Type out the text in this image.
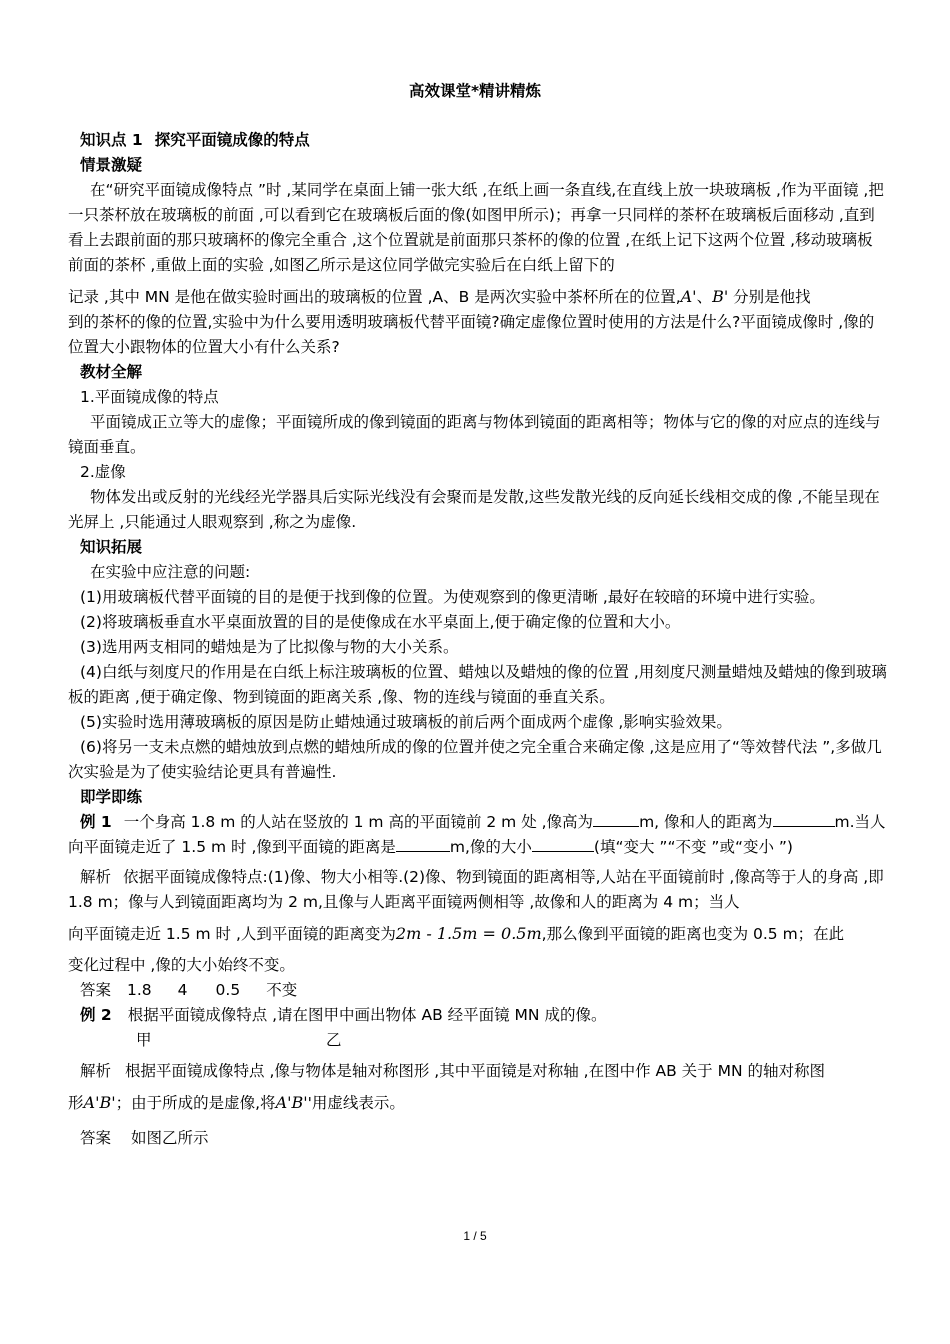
高效课堂*精讲精炼
知识点 1 探究平面镜成像的特点
情景激疑
在“研究平面镜成像特点 ”时 ,某同学在桌面上铺一张大纸 ,在纸上画一条直线,在直线上放一块玻璃板 ,作为平面镜 ,把一只茶杯放在玻璃板的前面 ,可以看到它在玻璃板后面的像(如图甲所示)；再拿一只同样的茶杯在玻璃板后面移动 ,直到看上去跟前面的那只玻璃杯的像完全重合 ,这个位置就是前面那只茶杯的像的位置 ,在纸上记下这两个位置 ,移动玻璃板前面的茶杯 ,重做上面的实验 ,如图乙所示是这位同学做完实验后在白纸上留下的
记录 ,其中 MN 是他在做实验时画出的玻璃板的位置 ,A、B 是两次实验中茶杯所在的位置,A'、B' 分别是他找
到的茶杯的像的位置,实验中为什么要用透明玻璃板代替平面镜?确定虚像位置时使用的方法是什么?平面镜成像时 ,像的位置大小跟物体的位置大小有什么关系?
教材全解
1.平面镜成像的特点
平面镜成正立等大的虚像；平面镜所成的像到镜面的距离与物体到镜面的距离相等；物体与它的像的对应点的连线与镜面垂直。
2.虚像
物体发出或反射的光线经光学器具后实际光线没有会聚而是发散,这些发散光线的反向延长线相交成的像 ,不能呈现在光屏上 ,只能通过人眼观察到 ,称之为虚像.
知识拓展
在实验中应注意的问题:
(1)用玻璃板代替平面镜的目的是便于找到像的位置。为使观察到的像更清晰 ,最好在较暗的环境中进行实验。
(2)将玻璃板垂直水平桌面放置的目的是使像成在水平桌面上,便于确定像的位置和大小。
(3)选用两支相同的蜡烛是为了比拟像与物的大小关系。
(4)白纸与刻度尺的作用是在白纸上标注玻璃板的位置、蜡烛以及蜡烛的像的位置 ,用刻度尺测量蜡烛及蜡烛的像到玻璃板的距离 ,便于确定像、物到镜面的距离关系 ,像、物的连线与镜面的垂直关系。
(5)实验时选用薄玻璃板的原因是防止蜡烛通过玻璃板的前后两个面成两个虚像 ,影响实验效果。
(6)将另一支未点燃的蜡烛放到点燃的蜡烛所成的像的位置并使之完全重合来确定像 ,这是应用了“等效替代法 ”,多做几次实验是为了使实验结论更具有普遍性.
即学即练
例 1 一个身高 1.8 m 的人站在竖放的 1 m 高的平面镜前 2 m 处 ,像高为	m, 像和人的距离为	m.当人向平面镜走近了 1.5 m 时 ,像到平面镜的距离是	m,像的大小	(填“变大 ”“不变 ”或“变小 ”)
解析 依据平面镜成像特点:(1)像、物大小相等.(2)像、物到镜面的距离相等,人站在平面镜前时 ,像高等于人的身高 ,即 1.8 m；像与人到镜面距离均为 2 m,且像与人距离平面镜两侧相等 ,故像和人的距离为 4 m；当人
向平面镜走近 1.5 m 时 ,人到平面镜的距离变为2m - 1.5m = 0.5m,那么像到平面镜的距离也变为 0.5 m；在此
变化过程中 ,像的大小始终不变。
答案 1.8 4 0.5 不变
例 2 根据平面镜成像特点 ,请在图甲中画出物体 AB 经平面镜 MN 成的像。
甲	乙
解析 根据平面镜成像特点 ,像与物体是轴对称图形 ,其中平面镜是对称轴 ,在图中作 AB 关于 MN 的轴对称图
形A'B'；由于所成的是虚像,将A'B''用虚线表示。
答案 如图乙所示
1 / 5
